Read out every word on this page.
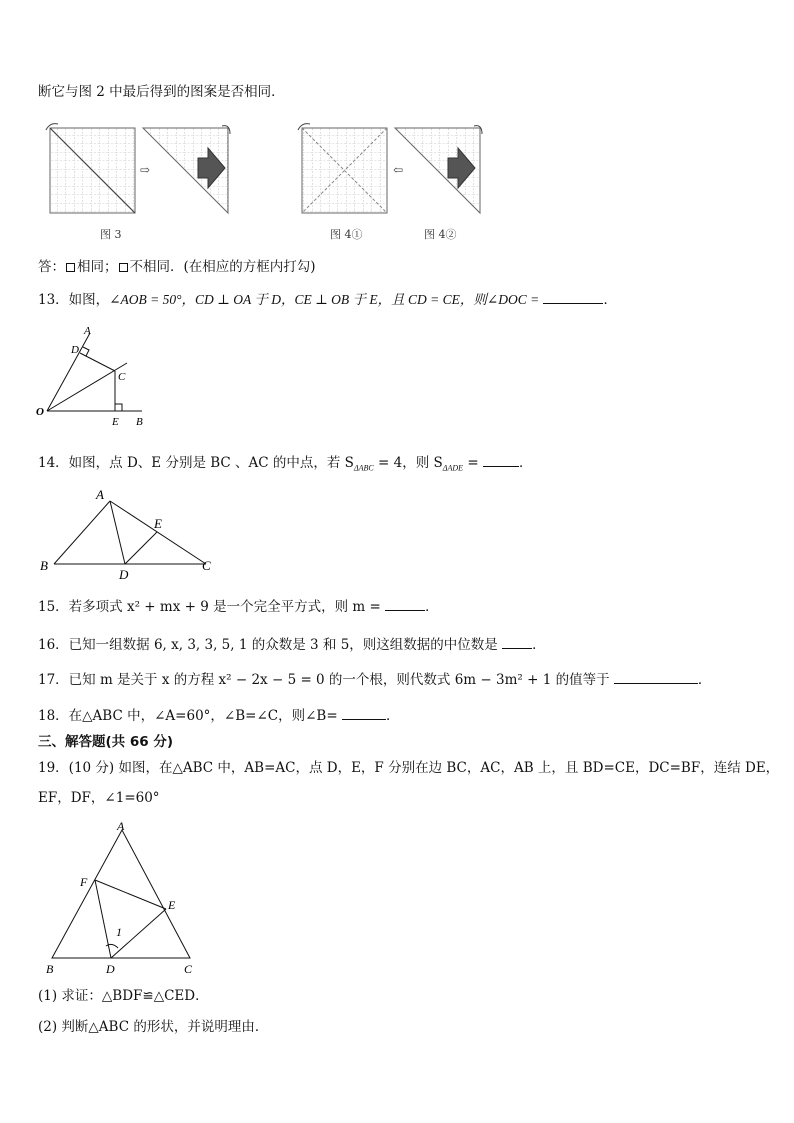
断它与图 2 中最后得到的图案是否相同．
⇨	⇦
图 3	图 4①	图 4②
答： 相同； 不相同．(在相应的方框内打勾)
13．如图，∠AOB = 50°，CD ⊥ OA 于 D，CE ⊥ OB 于 E，且 CD = CE，则∠DOC =	．
A
D
C
O
E B
14．如图，点 D、E 分别是 BC 、AC 的中点，若 $S_{\Delta ABC} = 4$，则 $S_{\Delta ADE}$ =	．
A
E
B
D
C
15．若多项式 x² + mx + 9 是一个完全平方式，则 m =	．
16．已知一组数据 6, x, 3, 3, 5, 1 的众数是 3 和 5，则这组数据的中位数是	．
17．已知 m 是关于 x 的方程 x² − 2x − 5 = 0 的一个根，则代数式 6m − 3m² + 1 的值等于	．
18．在△ABC 中，∠A=60°，∠B=∠C，则∠B=	．
三、解答题(共 66 分)
19．(10 分) 如图，在△ABC 中，AB=AC，点 D，E，F 分别在边 BC，AC，AB 上，且 BD=CE，DC=BF，连结 DE，
EF，DF，∠1=60°
A
F
E
1
B	D	C
(1) 求证：△BDF≌△CED．
(2) 判断△ABC 的形状，并说明理由．
